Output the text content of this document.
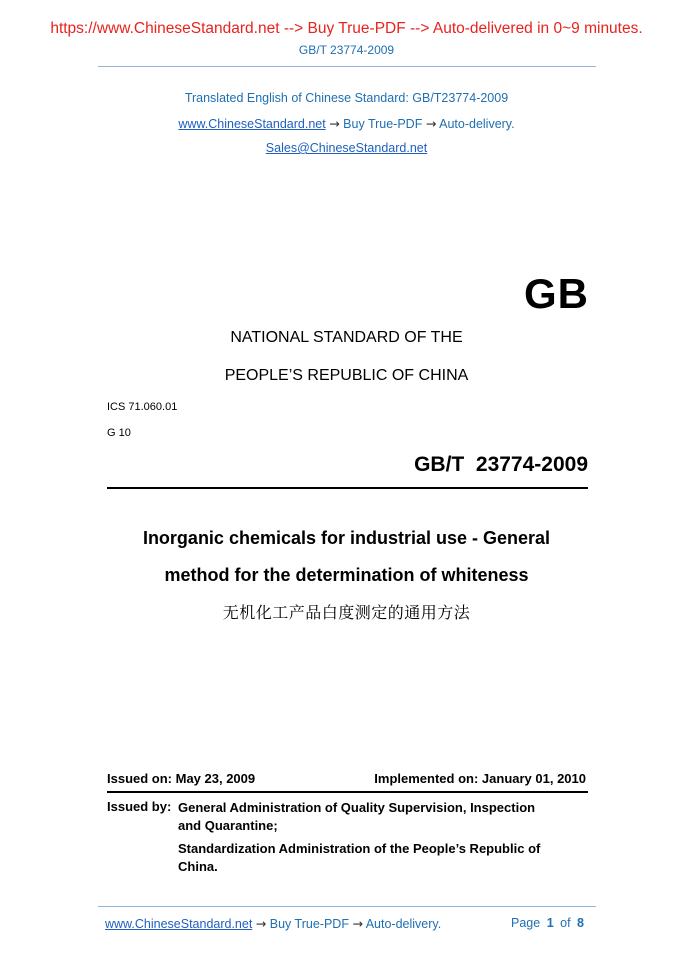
https://www.ChineseStandard.net --> Buy True-PDF --> Auto-delivered in 0~9 minutes.
GB/T 23774-2009
Translated English of Chinese Standard: GB/T23774-2009
www.ChineseStandard.net → Buy True-PDF → Auto-delivery.
Sales@ChineseStandard.net
GB
NATIONAL STANDARD OF THE
PEOPLE’S REPUBLIC OF CHINA
ICS 71.060.01
G 10
GB/T  23774-2009
Inorganic chemicals for industrial use - General
method for the determination of whiteness
无机化工产品白度测定的通用方法
Issued on: May 23, 2009	Implemented on: January 01, 2010
Issued by: General Administration of Quality Supervision, Inspection
and Quarantine;
Standardization Administration of the People’s Republic of
China.
www.ChineseStandard.net → Buy True-PDF → Auto-delivery.	Page 1 of 8
